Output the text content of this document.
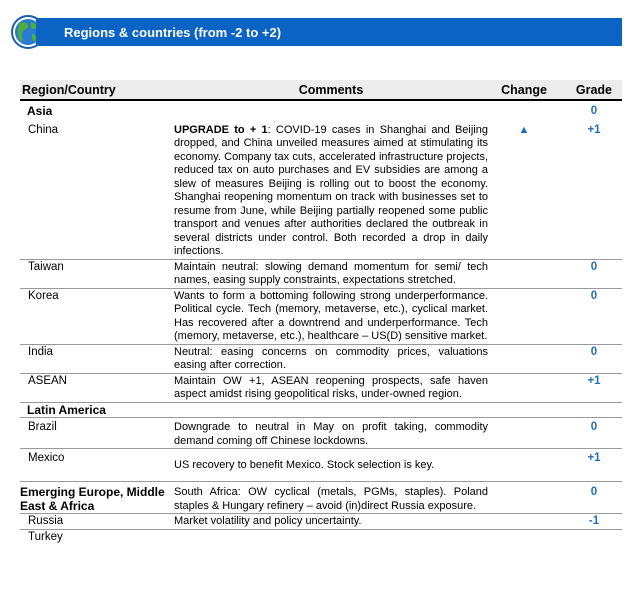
Regions & countries (from -2 to +2)
Region/Country	Comments	Change	Grade
Asia			0
China	UPGRADE to + 1: COVID-19 cases in Shanghai and Beijing dropped, and China unveiled measures aimed at stimulating its economy. Company tax cuts, accelerated infrastructure projects, reduced tax on auto purchases and EV subsidies are among a slew of measures Beijing is rolling out to boost the economy. Shanghai reopening momentum on track with businesses set to resume from June, while Beijing partially reopened some public transport and venues after authorities declared the outbreak in several districts under control. Both recorded a drop in daily infections.	▲	+1
Taiwan	Maintain neutral: slowing demand momentum for semi/ tech names, easing supply constraints, expectations stretched.		0
Korea	Wants to form a bottoming following strong underperformance. Political cycle. Tech (memory, metaverse, etc.), cyclical market. Has recovered after a downtrend and underperformance. Tech (memory, metaverse, etc.), healthcare – US(D) sensitive market.		0
India	Neutral: easing concerns on commodity prices, valuations easing after correction.		0
ASEAN	Maintain OW +1, ASEAN reopening prospects, safe haven aspect amidst rising geopolitical risks, under-owned region.		+1
Latin America			
Brazil	Downgrade to neutral in May on profit taking, commodity demand coming off Chinese lockdowns.		0
Mexico	US recovery to benefit Mexico. Stock selection is key.		+1
Emerging Europe, Middle East & Africa	South Africa: OW cyclical (metals, PGMs, staples). Poland staples & Hungary refinery – avoid (in)direct Russia exposure.		0
Russia	Market volatility and policy uncertainty.		-1
Turkey			
